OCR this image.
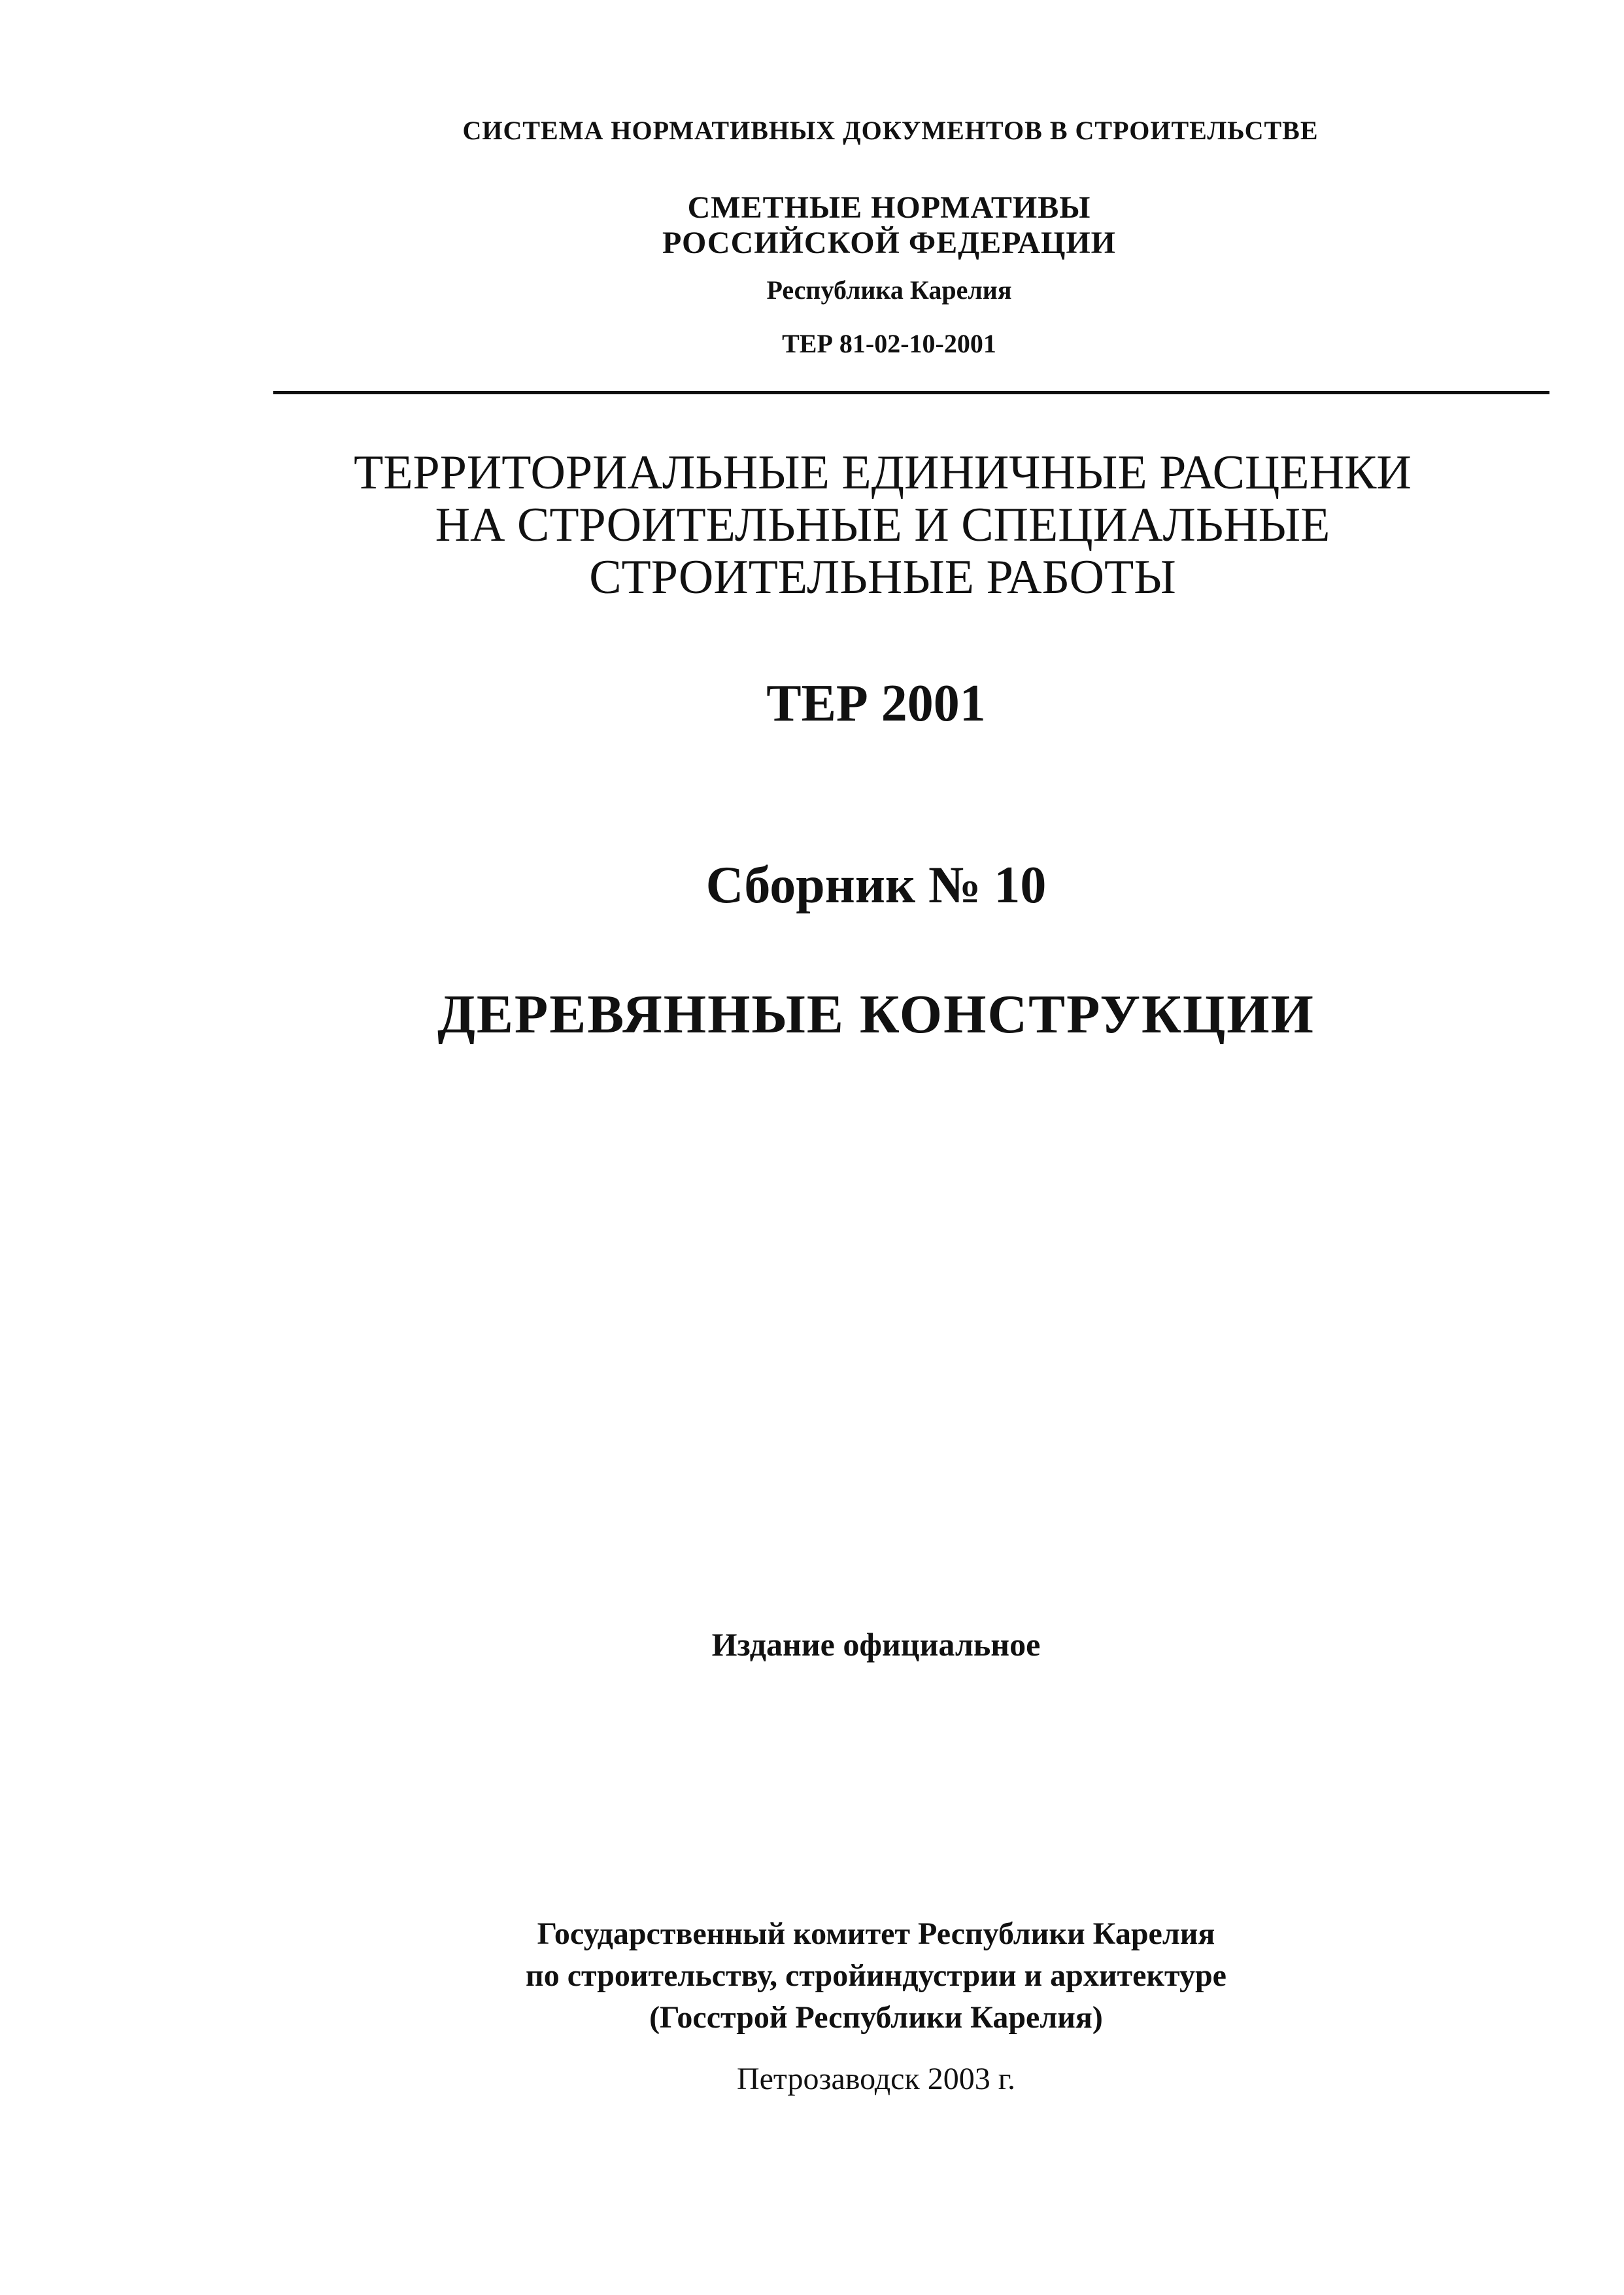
СИСТЕМА НОРМАТИВНЫХ ДОКУМЕНТОВ В СТРОИТЕЛЬСТВЕ
СМЕТНЫЕ НОРМАТИВЫ
РОССИЙСКОЙ ФЕДЕРАЦИИ
Республика Карелия
ТЕР 81-02-10-2001
ТЕРРИТОРИАЛЬНЫЕ ЕДИНИЧНЫЕ РАСЦЕНКИ
НА СТРОИТЕЛЬНЫЕ И СПЕЦИАЛЬНЫЕ
СТРОИТЕЛЬНЫЕ РАБОТЫ
ТЕР 2001
Сборник № 10
ДЕРЕВЯННЫЕ КОНСТРУКЦИИ
Издание официальное
Государственный комитет Республики Карелия
по строительству, стройиндустрии и архитектуре
(Госстрой Республики Карелия)
Петрозаводск 2003 г.
